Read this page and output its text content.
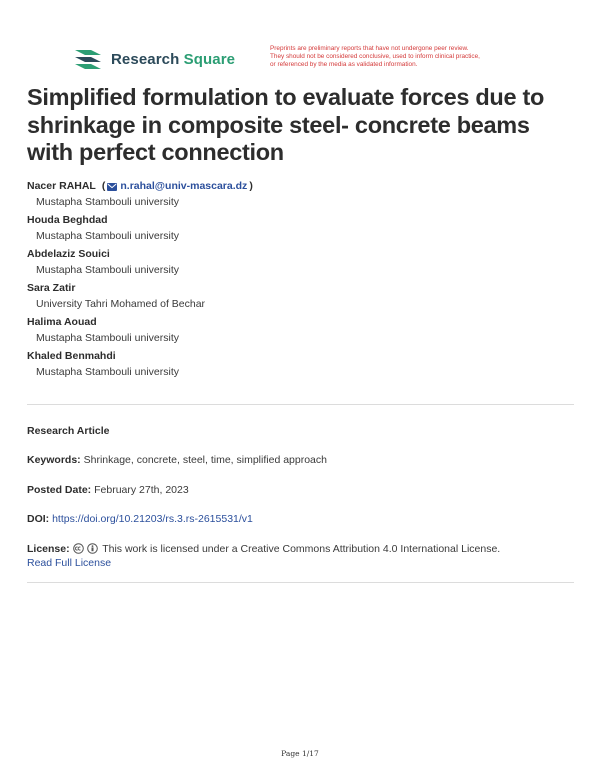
Research Square
Preprints are preliminary reports that have not undergone peer review.
They should not be considered conclusive, used to inform clinical practice,
or referenced by the media as validated information.
Simplified formulation to evaluate forces due to shrinkage in composite steel- concrete beams with perfect connection
Nacer RAHAL ( n.rahal@univ-mascara.dz )
Mustapha Stambouli university
Houda Beghdad
Mustapha Stambouli university
Abdelaziz Souici
Mustapha Stambouli university
Sara Zatir
University Tahri Mohamed of Bechar
Halima Aouad
Mustapha Stambouli university
Khaled Benmahdi
Mustapha Stambouli university
Research Article
Keywords: Shrinkage, concrete, steel, time, simplified approach
Posted Date: February 27th, 2023
DOI: https://doi.org/10.21203/rs.3.rs-2615531/v1
License:	This work is licensed under a Creative Commons Attribution 4.0 International License.
Read Full License
Page 1/17
